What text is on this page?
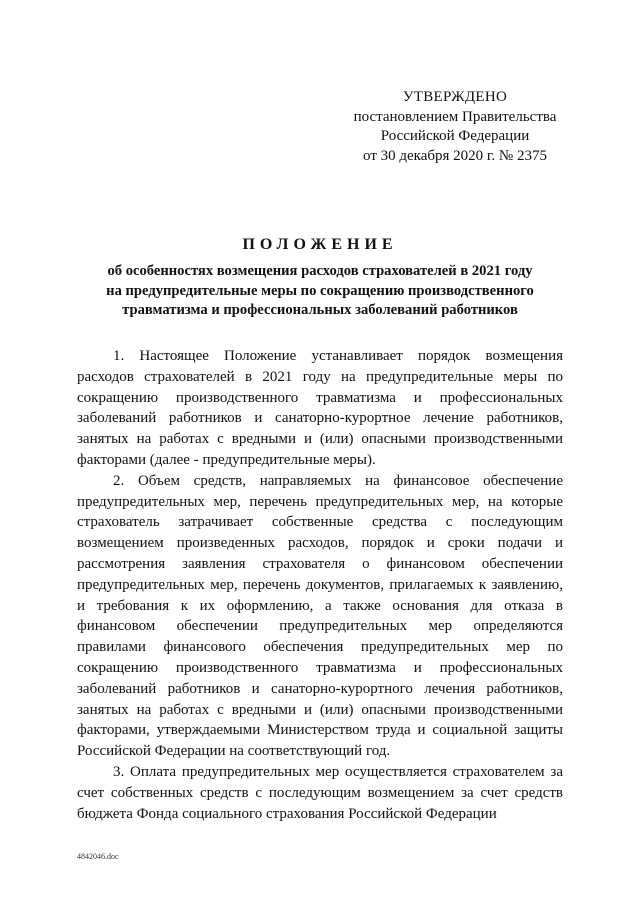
УТВЕРЖДЕНО
постановлением Правительства
Российской Федерации
от 30 декабря 2020 г. № 2375
ПОЛОЖЕНИЕ
об особенностях возмещения расходов страхователей в 2021 году
на предупредительные меры по сокращению производственного
травматизма и профессиональных заболеваний работников

1. Настоящее Положение устанавливает порядок возмещения расходов страхователей в 2021 году на предупредительные меры по сокращению производственного травматизма и профессиональных заболеваний работников и санаторно-курортное лечение работников, занятых на работах с вредными и (или) опасными производственными факторами (далее - предупредительные меры).

2. Объем средств, направляемых на финансовое обеспечение предупредительных мер, перечень предупредительных мер, на которые страхователь затрачивает собственные средства с последующим возмещением произведенных расходов, порядок и сроки подачи и рассмотрения заявления страхователя о финансовом обеспечении предупредительных мер, перечень документов, прилагаемых к заявлению, и требования к их оформлению, а также основания для отказа в финансовом обеспечении предупредительных мер определяются правилами финансового обеспечения предупредительных мер по сокращению производственного травматизма и профессиональных заболеваний работников и санаторно-курортного лечения работников, занятых на работах с вредными и (или) опасными производственными факторами, утверждаемыми Министерством труда и социальной защиты Российской Федерации на соответствующий год.

3. Оплата предупредительных мер осуществляется страхователем за счет собственных средств с последующим возмещением за счет средств бюджета Фонда социального страхования Российской Федерации

4842046.doc
